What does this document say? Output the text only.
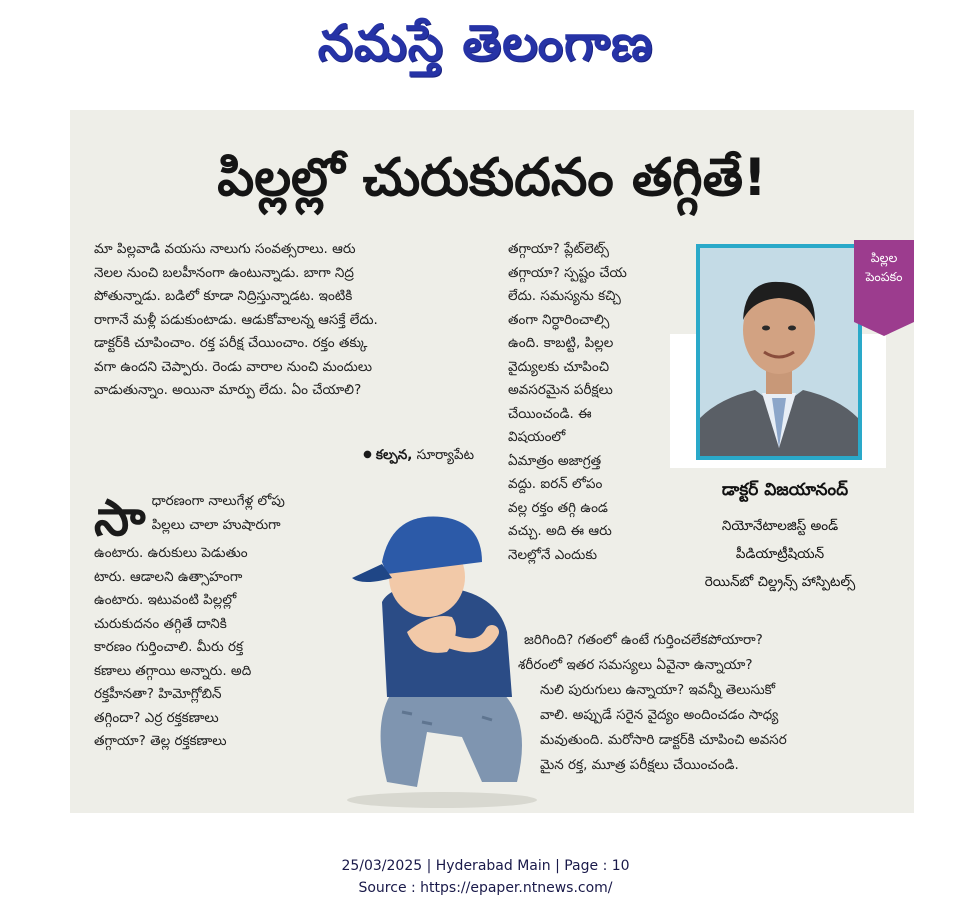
నమస్తే తెలంగాణ
పిల్లల్లో చురుకుదనం తగ్గితే!

మా పిల్లవాడి వయసు నాలుగు సంవత్సరాలు. ఆరు

నెలల నుంచి బలహీనంగా ఉంటున్నాడు. బాగా నిద్ర

పోతున్నాడు. బడిలో కూడా నిద్రిస్తున్నాడట. ఇంటికి

రాగానే మళ్లీ పడుకుంటాడు. ఆడుకోవాలన్న ఆసక్తే లేదు.

డాక్టర్‌కి చూపించాం. రక్త పరీక్ష చేయించాం. రక్తం తక్కు

వగా ఉందని చెప్పారు. రెండు వారాల నుంచి మందులు

వాడుతున్నాం. అయినా మార్పు లేదు. ఏం చేయాలి?

● కల్పన, సూర్యాపేట
సా ధారణంగా నాలుగేళ్ల లోపు

పిల్లలు చాలా హుషారుగా

ఉంటారు. ఉరుకులు పెడుతుం

టారు. ఆడాలని ఉత్సాహంగా

ఉంటారు. ఇటువంటి పిల్లల్లో

చురుకుదనం తగ్గితే దానికి

కారణం గుర్తించాలి. మీరు రక్త

కణాలు తగ్గాయి అన్నారు. అది

రక్తహీనతా? హిమోగ్లోబిన్

తగ్గిందా? ఎర్ర రక్తకణాలు

తగ్గాయా? తెల్ల రక్తకణాలు

తగ్గాయా? ప్లేట్‌లెట్స్

తగ్గాయా? స్పష్టం చేయ

లేదు. సమస్యను కచ్చి

తంగా నిర్ధారించాల్సి

ఉంది. కాబట్టి, పిల్లల

వైద్యులకు చూపించి

అవసరమైన పరీక్షలు

చేయించండి. ఈ

విషయంలో

ఏమాత్రం అజాగ్రత్త

వద్దు. ఐరన్ లోపం

వల్ల రక్తం తగ్గి ఉండ

వచ్చు. అది ఈ ఆరు

నెలల్లోనే ఎందుకు

జరిగింది? గతంలో ఉంటే గుర్తించలేకపోయారా?

శరీరంలో ఇతర సమస్యలు ఏవైనా ఉన్నాయా?

నులి పురుగులు ఉన్నాయా? ఇవన్నీ తెలుసుకో

వాలి. అప్పుడే సరైన వైద్యం అందించడం సాధ్య

మవుతుంది. మరోసారి డాక్టర్‌కి చూపించి అవసర

మైన రక్త, మూత్ర పరీక్షలు చేయించండి.

పిల్లల
పెంపకం
డాక్టర్ విజయానంద్
నియోనేటాలజిస్ట్ అండ్
పీడియాట్రీషియన్
రెయిన్‌బో చిల్డ్రన్స్ హాస్పిటల్స్
25/03/2025 | Hyderabad Main | Page : 10
Source : https://epaper.ntnews.com/
